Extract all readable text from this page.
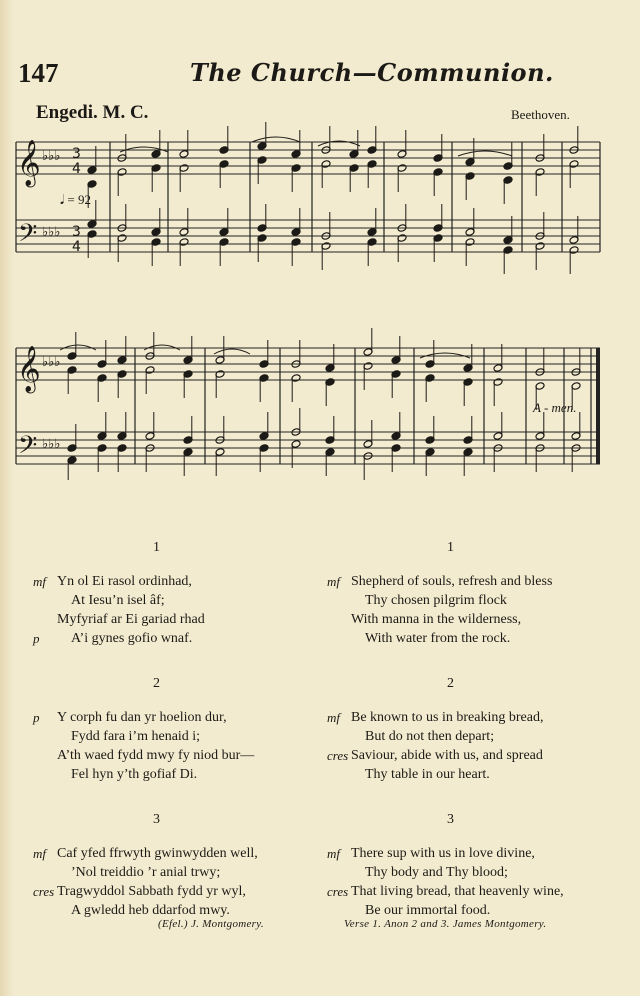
147	The Church—Communion.
Engedi. M. C.	Beethoven.
𝅘𝅥 = 92
A - men.
𝄞
𝄢
♭♭♭
♭♭♭
3
4
3
4
𝄞
𝄢
♭♭♭
♭♭♭
1
mf Yn ol Ei rasol ordinhad,
At Iesu’n isel âf;
Myfyriaf ar Ei gariad rhad
p A’i gynes gofio wnaf.
2
p Y corph fu dan yr hoelion dur,
Fydd fara i’m henaid i;
A’th waed fydd mwy fy niod bur—
Fel hyn y’th gofiaf Di.
3
mf Caf yfed ffrwyth gwinwydden well,
’Nol treiddio ’r anial trwy;
cres Tragwyddol Sabbath fydd yr wyl,
A gwledd heb ddarfod mwy.
1
mf Shepherd of souls, refresh and bless
Thy chosen pilgrim flock
With manna in the wilderness,
With water from the rock.
2
mf Be known to us in breaking bread,
But do not then depart;
cres Saviour, abide with us, and spread
Thy table in our heart.
3
mf There sup with us in love divine,
Thy body and Thy blood;
cres That living bread, that heavenly wine,
Be our immortal food.
(Efel.) J. Montgomery.	Verse 1. Anon 2 and 3. James Montgomery.
